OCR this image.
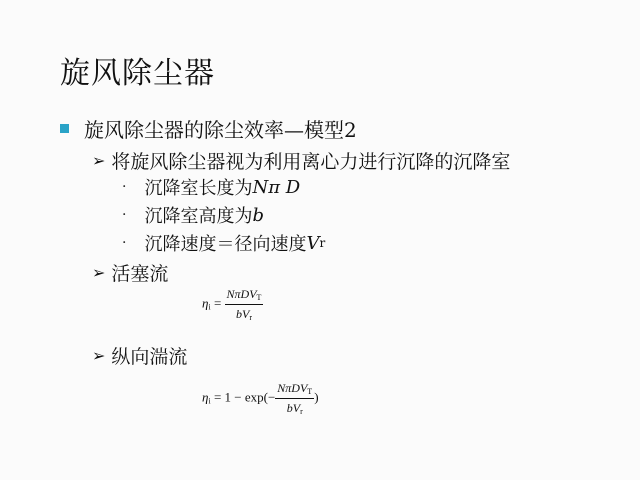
旋风除尘器
旋风除尘器的除尘效率—模型2
➢ 将旋风除尘器视为利用离心力进行沉降的沉降室
· 沉降室长度为 Nπ D
· 沉降室高度为 b
· 沉降速度＝径向速度 V r
➢ 活塞流
$\eta i = \frac{\text{NπDVT}}{\text{bVr}}$
➢ 纵向湍流
$\eta i = 1 - \exp(- \frac{\text{NπDVT}}{\text{bVr}}$ )
